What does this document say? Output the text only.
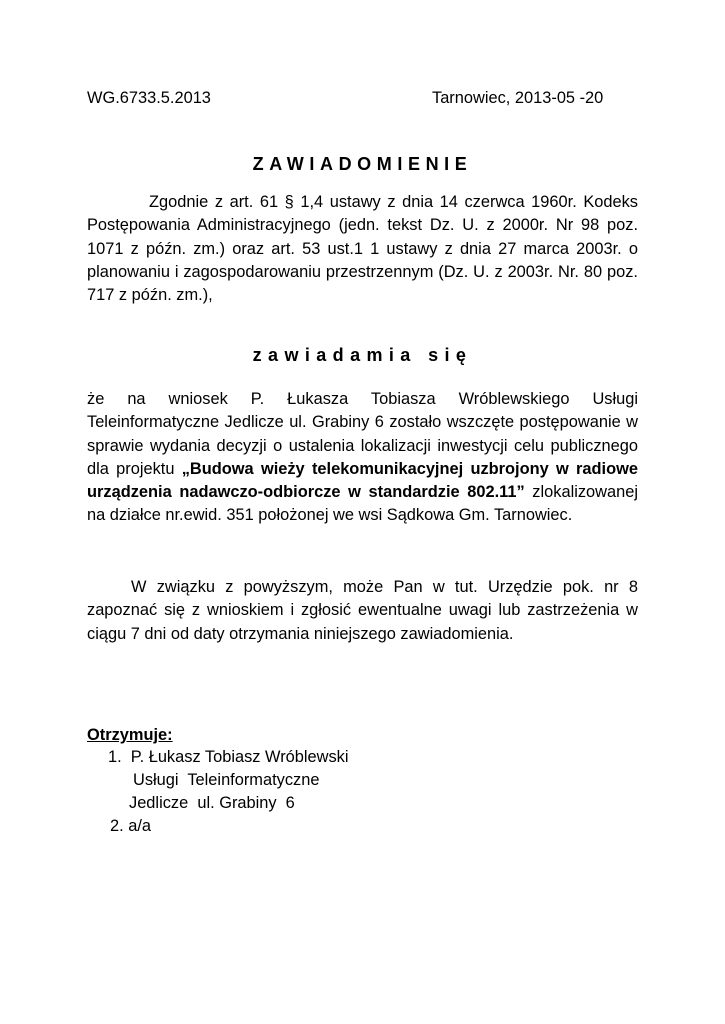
WG.6733.5.2013	Tarnowiec, 2013-05 -20
ZAWIADOMIENIE

Zgodnie z art. 61 § 1,4 ustawy z dnia 14 czerwca 1960r. Kodeks Postępowania Administracyjnego (jedn. tekst Dz. U. z 2000r. Nr 98 poz. 1071 z późn. zm.) oraz art. 53 ust.1 1 ustawy z dnia 27 marca 2003r. o planowaniu i zagospodarowaniu przestrzennym (Dz. U. z 2003r. Nr. 80 poz. 717 z późn. zm.),

zawiadamia się

że na wniosek P. Łukasza Tobiasza Wróblewskiego Usługi Teleinformatyczne Jedlicze ul. Grabiny 6 zostało wszczęte postępowanie w sprawie wydania decyzji o ustalenia lokalizacji inwestycji celu publicznego dla projektu „Budowa wieży telekomunikacyjnej uzbrojony w radiowe urządzenia nadawczo-odbiorcze w standardzie 802.11” zlokalizowanej na działce nr.ewid. 351 położonej we wsi Sądkowa Gm. Tarnowiec.

W związku z powyższym, może Pan w tut. Urzędzie pok. nr 8 zapoznać się z wnioskiem i zgłosić ewentualne uwagi lub zastrzeżenia w ciągu 7 dni od daty otrzymania niniejszego zawiadomienia.

Otrzymuje:
1.  P. Łukasz Tobiasz Wróblewski
Usługi  Teleinformatyczne
Jedlicze  ul. Grabiny  6
2. a/a
